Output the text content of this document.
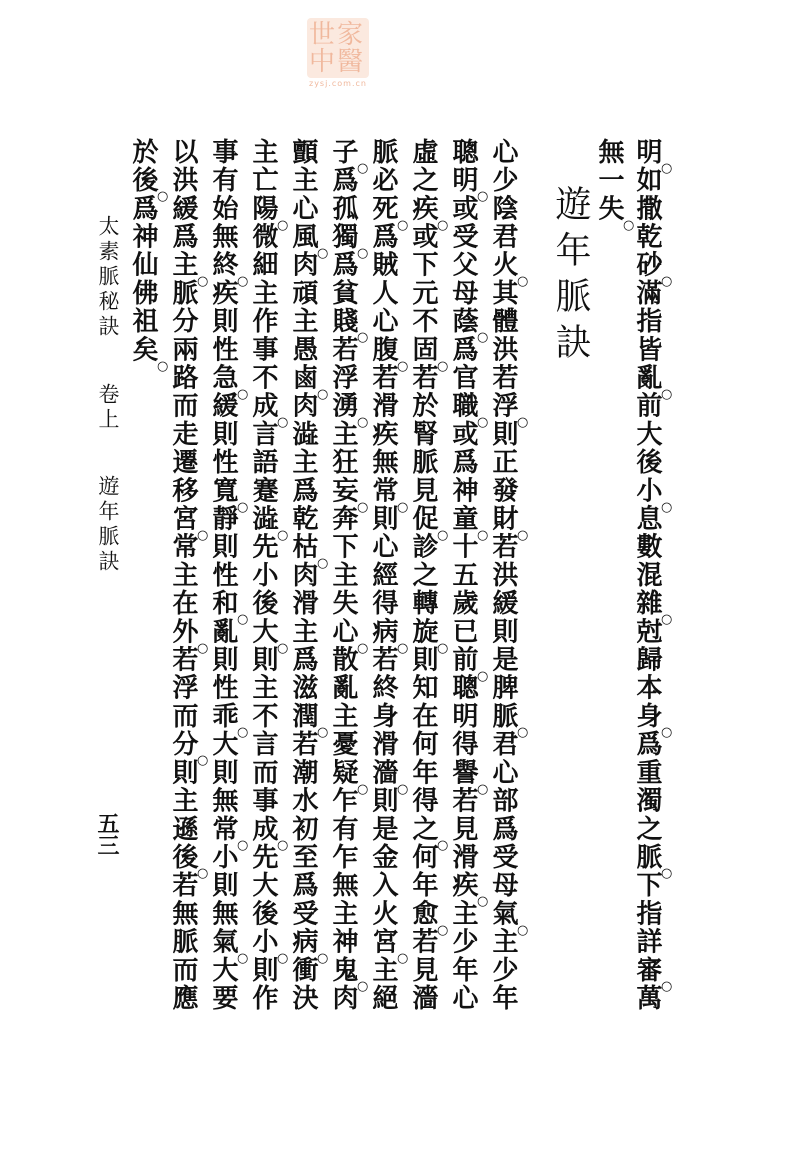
世家中醫
zysj.com.cn
明
○
如撒乾砂
○
滿指皆亂
○
前大後小
○
息數混雜
○
尅歸本身
○
爲重濁之脈
○
下指詳審
○
萬
無一失
○
遊年脈訣
心少陰君火
○
其體洪若浮
○
則正發財
○
若洪緩則是脾脈
○
君心部爲受母氣
○
主少年
聰明
○
或受父母蔭
○
爲官職
○
或爲神童
○
十五歲已前
○
聰明得譽
○
若見滑疾
○
主少年心
虛之疾
○
或下元不固
○
若於腎脈見促
○
診之轉旋
○
則知在何年得之
○
何年愈
○
若見濇
脈必死
○
爲賊人心腹
○
若滑疾無常
○
則心經得病
○
若終身滑濇
○
則是金入火宮
○
主絕
子
○
爲孤獨
○
爲貧賤
○
若浮湧
○
主狂妄
○
奔下主失心
○
散亂主憂疑
○
乍有乍無主神鬼
○
肉
顫主心風
○
肉頑主愚鹵
○
肉澁主爲乾枯
○
肉滑主爲滋潤
○
若潮水初至爲受病
○
衝決
主亡陽
○
微細主作事不成
○
言語蹇澁
○
先小後大
○
則主不言而事成
○
先大後小
○
則作
事有始無終
○
疾則性急
○
緩則性寬
○
靜則性和
○
亂則性乖
○
大則無常
○
小則無氣
○
大要
以洪緩爲主
○
脈分兩路而走遷移宮
○
常主在外
○
若浮而分
○
則主遜後
○
若無脈而應
於後
○
爲神仙佛祖矣
○
太素脈秘訣 卷上 遊年脈訣
五三
